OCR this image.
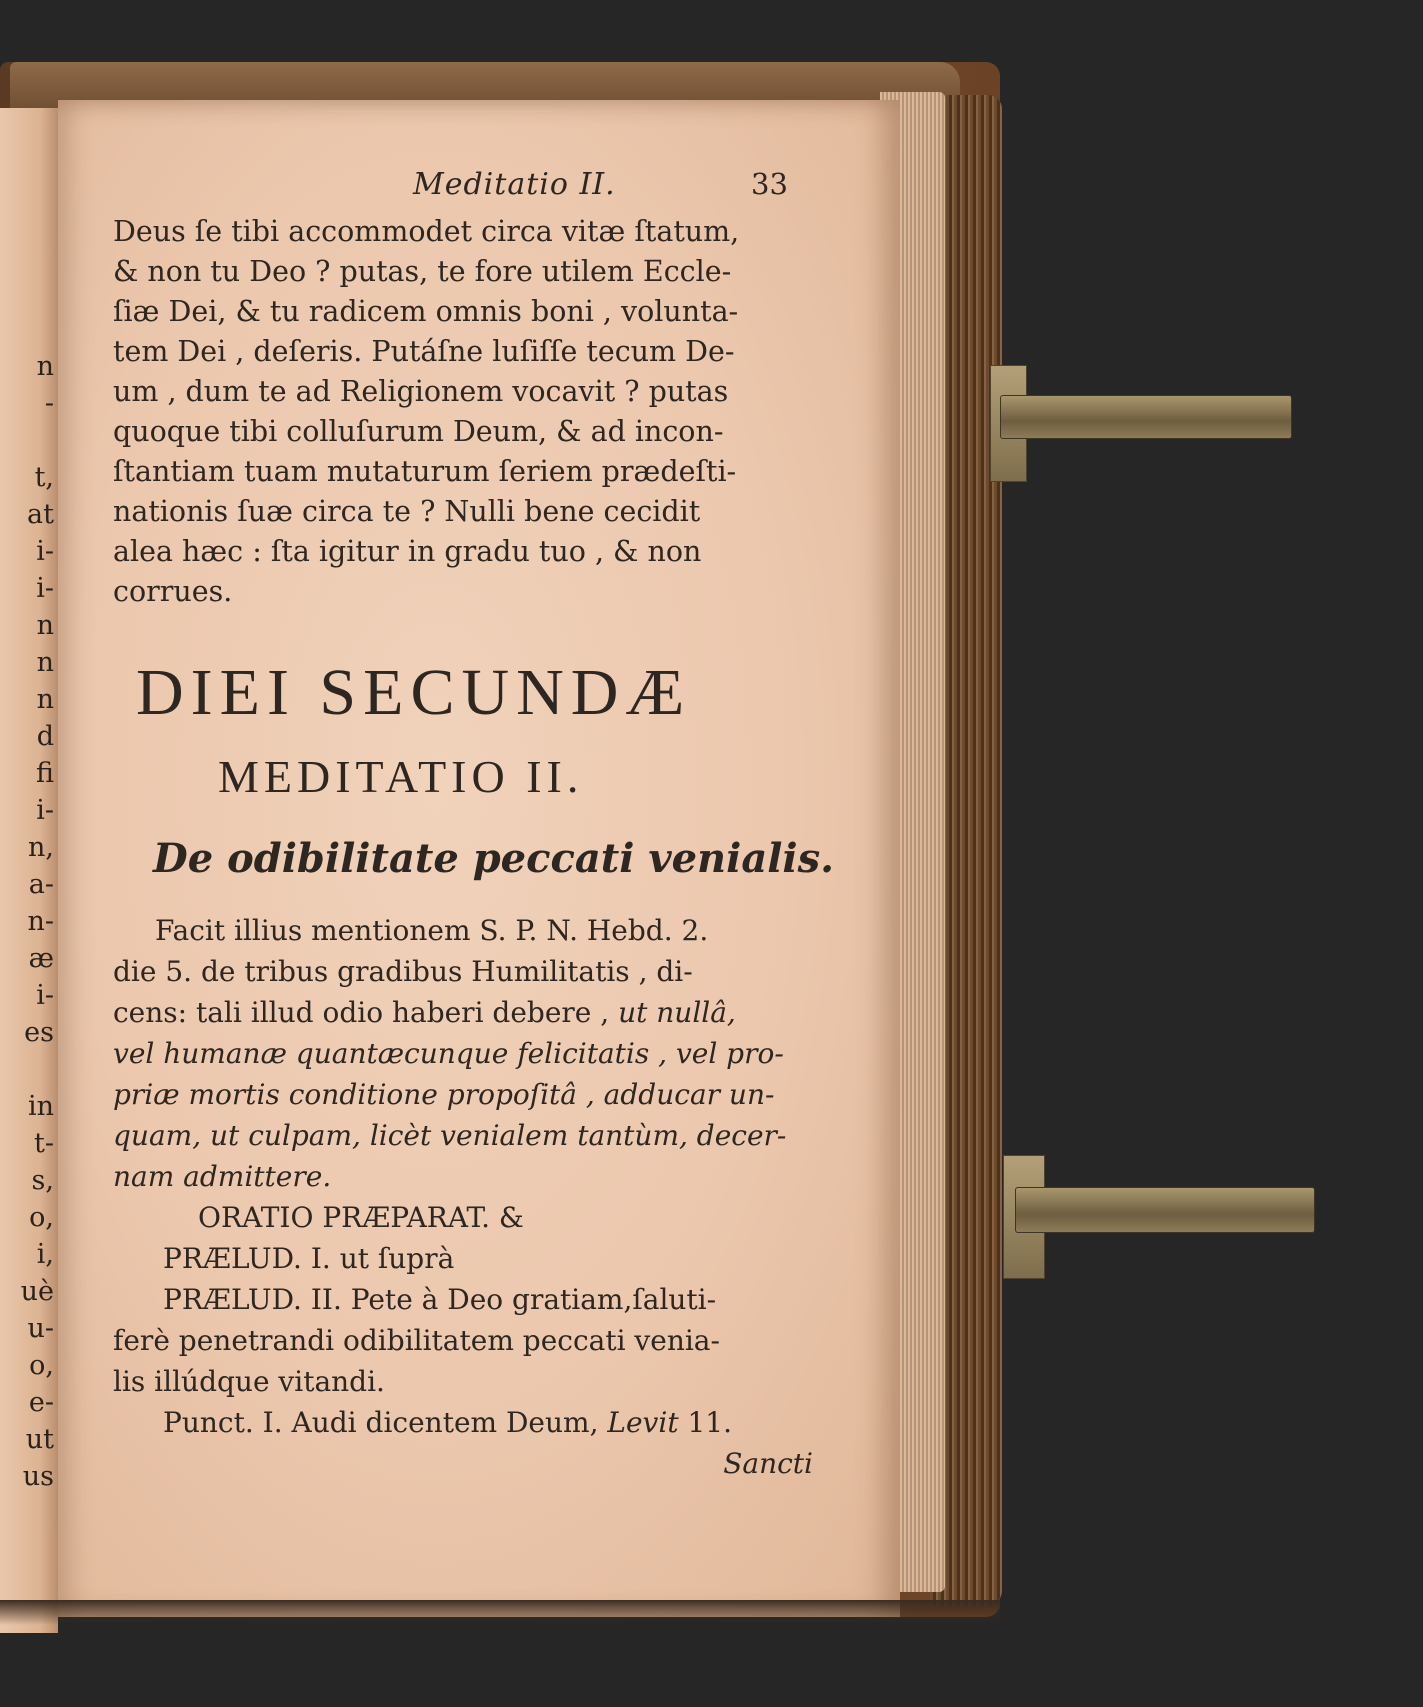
n
-
t,
at
i-
i-
n
n
n
d
fi
i-
n,
a-
n-
æ
i-
es
in
t-
s,
o,
i,
uè
u-
o,
e-
ut
us
Meditatio II.	33
Deus ſe tibi accommodet circa vitæ ſtatum,
& non tu Deo ? putas, te fore utilem Eccle-
ſiæ Dei, & tu radicem omnis boni , volunta-
tem Dei , deſeris. Putáſne luſiſſe tecum De-
um , dum te ad Religionem vocavit ? putas
quoque tibi colluſurum Deum, & ad incon-
ſtantiam tuam mutaturum ſeriem prædeſti-
nationis ſuæ circa te ? Nulli bene cecidit
alea hæc : ſta igitur in gradu tuo , & non
corrues.
DIEI SECUNDÆ
MEDITATIO II.
De odibilitate peccati venialis.
Facit illius mentionem S. P. N. Hebd. 2.
die 5. de tribus gradibus Humilitatis , di-
cens: tali illud odio haberi debere , ut nullâ,
vel humanæ quantæcunque felicitatis , vel pro-
priæ mortis conditione propoſitâ , adducar un-
quam, ut culpam, licèt venialem tantùm, decer-
nam admittere.
ORATIO PRÆPARAT. &
PRÆLUD. I. ut ſuprà
PRÆLUD. II. Pete à Deo gratiam,ſaluti-
ferè penetrandi odibilitatem peccati venia-
lis illúdque vitandi.
Punct. I. Audi dicentem Deum, Levit 11.
Sancti
